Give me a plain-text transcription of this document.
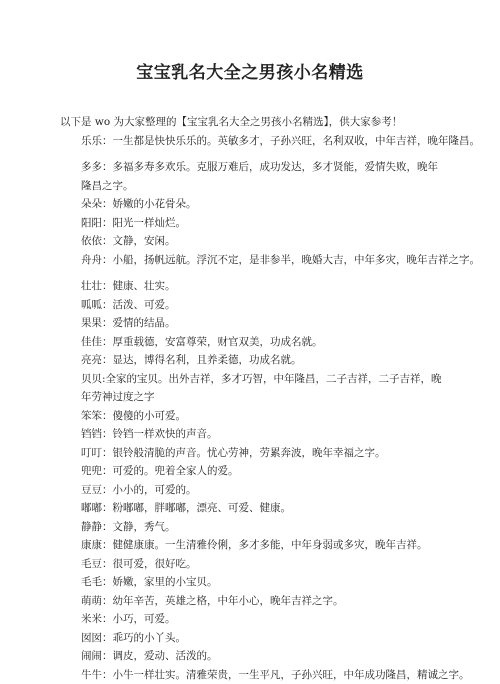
宝宝乳名大全之男孩小名精选
以下是 wo 为大家整理的【宝宝乳名大全之男孩小名精选】，供大家参考！
乐乐：一生都是快快乐乐的。英敏多才，子孙兴旺，名利双收，中年吉祥，晚年隆昌。
多多：多福多寿多欢乐。克服万难后，成功发达，多才贤能，爱情失败，晚年隆昌之字。
朵朵：娇嫩的小花骨朵。
阳阳：阳光一样灿烂。
依依：文静，安闲。
舟舟：小船，扬帆远航。浮沉不定，是非参半，晚婚大吉，中年多灾，晚年吉祥之字。
壮壮：健康、壮实。
呱呱：活泼、可爱。
果果：爱情的结晶。
佳佳：厚重载德，安富尊荣，财官双美，功成名就。
亮亮：显达，博得名利，且养柔德，功成名就。
贝贝:全家的宝贝。出外吉祥，多才巧智，中年隆昌，二子吉祥，二子吉祥，晚年劳神过度之字
笨笨：傻傻的小可爱。
铛铛：铃铛一样欢快的声音。
叮叮：银铃般清脆的声音。忧心劳神，劳累奔波，晚年幸福之字。
兜兜：可爱的。兜着全家人的爱。
豆豆：小小的，可爱的。
嘟嘟：粉嘟嘟，胖嘟嘟，漂亮、可爱、健康。
静静：文静，秀气。
康康：健健康康。一生清雅伶俐，多才多能，中年身弱或多灾，晚年吉祥。
毛豆：很可爱，很好吃。
毛毛：娇嫩，家里的小宝贝。
萌萌：幼年辛苦，英雄之格，中年小心，晚年吉祥之字。
米米：小巧，可爱。
囡囡：乖巧的小丫头。
闹闹：调皮，爱动、活泼的。
牛牛：小牛一样壮实。清雅荣贵，一生平凡，子孙兴旺，中年成功隆昌，精诚之字。
